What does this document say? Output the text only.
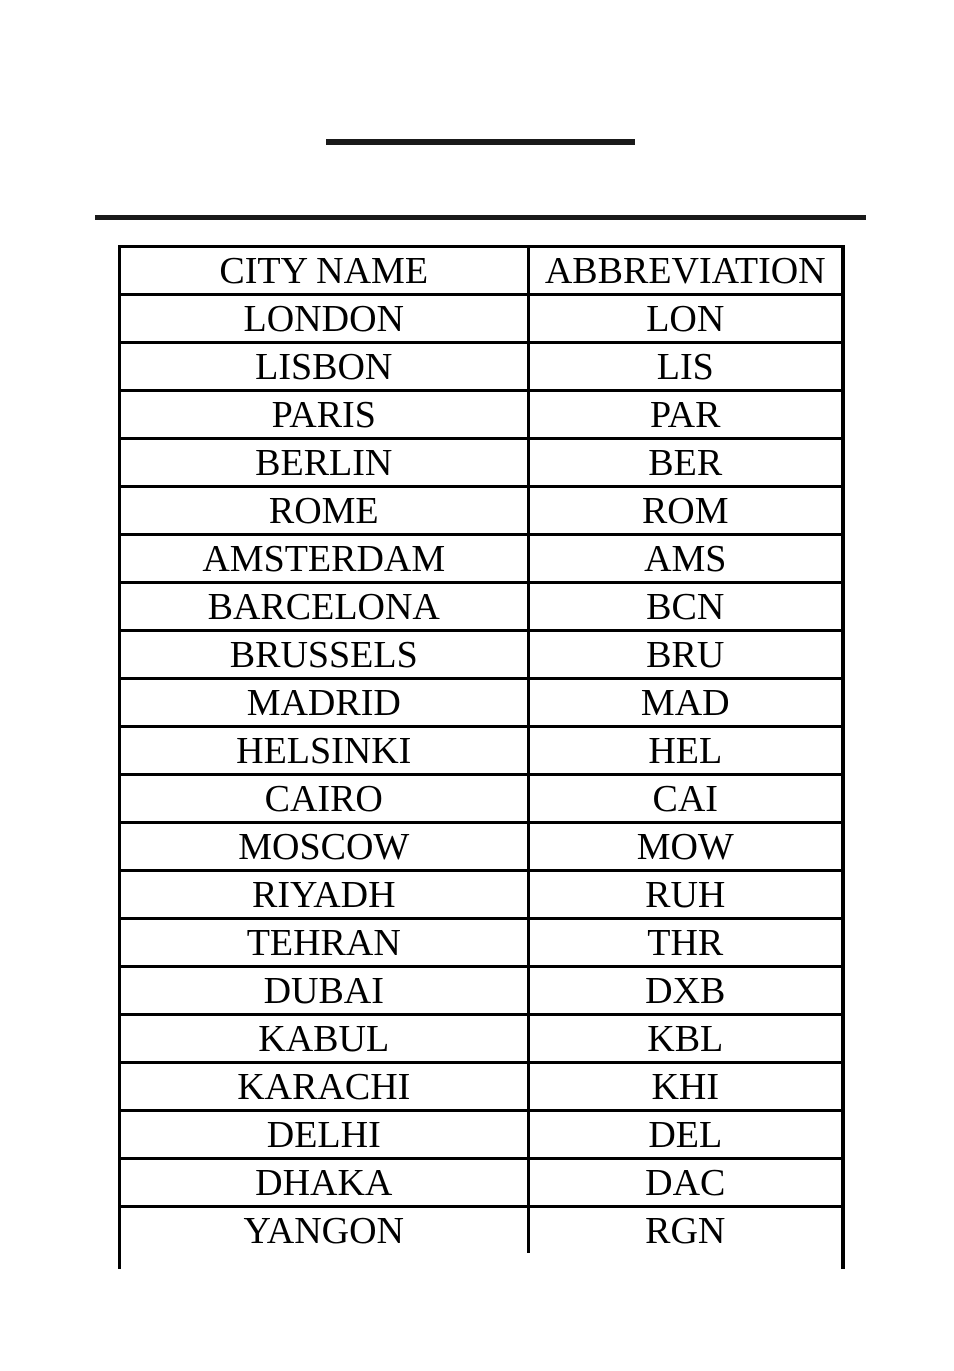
CITY NAME	ABBREVIATION
LONDON	LON
LISBON	LIS
PARIS	PAR
BERLIN	BER
ROME	ROM
AMSTERDAM	AMS
BARCELONA	BCN
BRUSSELS	BRU
MADRID	MAD
HELSINKI	HEL
CAIRO	CAI
MOSCOW	MOW
RIYADH	RUH
TEHRAN	THR
DUBAI	DXB
KABUL	KBL
KARACHI	KHI
DELHI	DEL
DHAKA	DAC
YANGON	RGN
